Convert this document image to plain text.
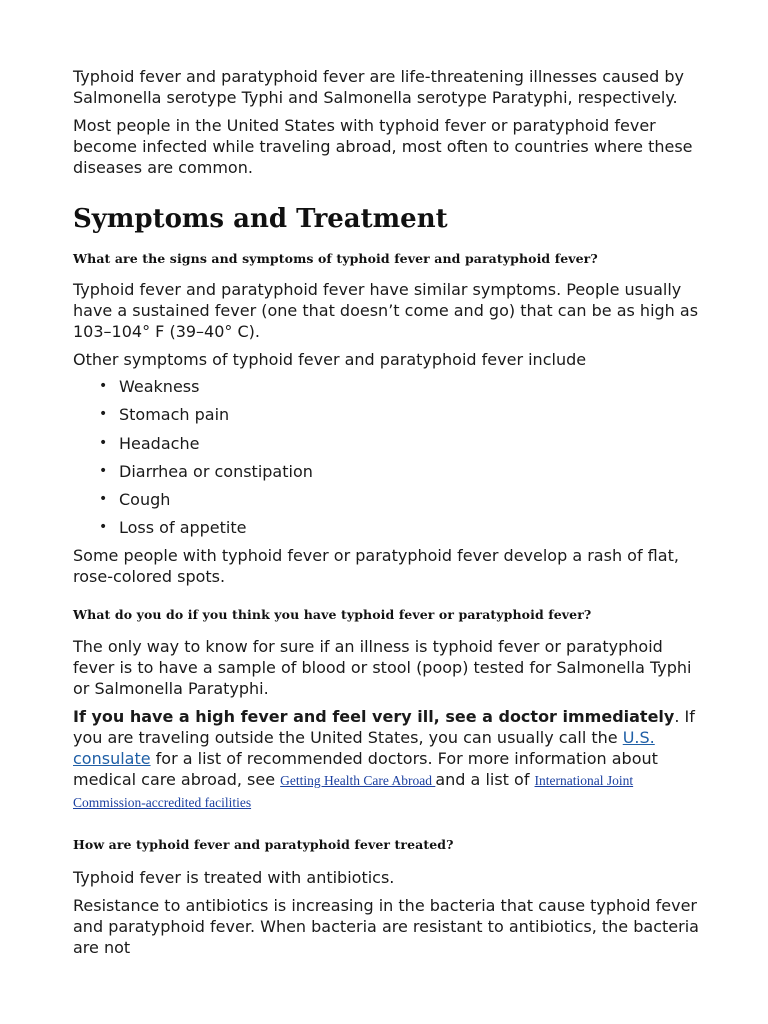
Typhoid fever and paratyphoid fever are life-threatening illnesses caused by Salmonella serotype Typhi and Salmonella serotype Paratyphi, respectively.

Most people in the United States with typhoid fever or paratyphoid fever become infected while traveling abroad, most often to countries where these diseases are common.

Symptoms and Treatment
What are the signs and symptoms of typhoid fever and paratyphoid fever?

Typhoid fever and paratyphoid fever have similar symptoms. People usually have a sustained fever (one that doesn’t come and go) that can be as high as 103–104° F (39–40° C).

Other symptoms of typhoid fever and paratyphoid fever include

• Weakness
• Stomach pain
• Headache
• Diarrhea or constipation
• Cough
• Loss of appetite

Some people with typhoid fever or paratyphoid fever develop a rash of flat, rose-colored spots.

What do you do if you think you have typhoid fever or paratyphoid fever?

The only way to know for sure if an illness is typhoid fever or paratyphoid fever is to have a sample of blood or stool (poop) tested for Salmonella Typhi or Salmonella Paratyphi.

If you have a high fever and feel very ill, see a doctor immediately. If you are traveling outside the United States, you can usually call the U.S. consulate for a list of recommended doctors. For more information about medical care abroad, see Getting Health Care Abroad and a list of International Joint Commission-accredited facilities

How are typhoid fever and paratyphoid fever treated?

Typhoid fever is treated with antibiotics.

Resistance to antibiotics is increasing in the bacteria that cause typhoid fever and paratyphoid fever. When bacteria are resistant to antibiotics, the bacteria are not
